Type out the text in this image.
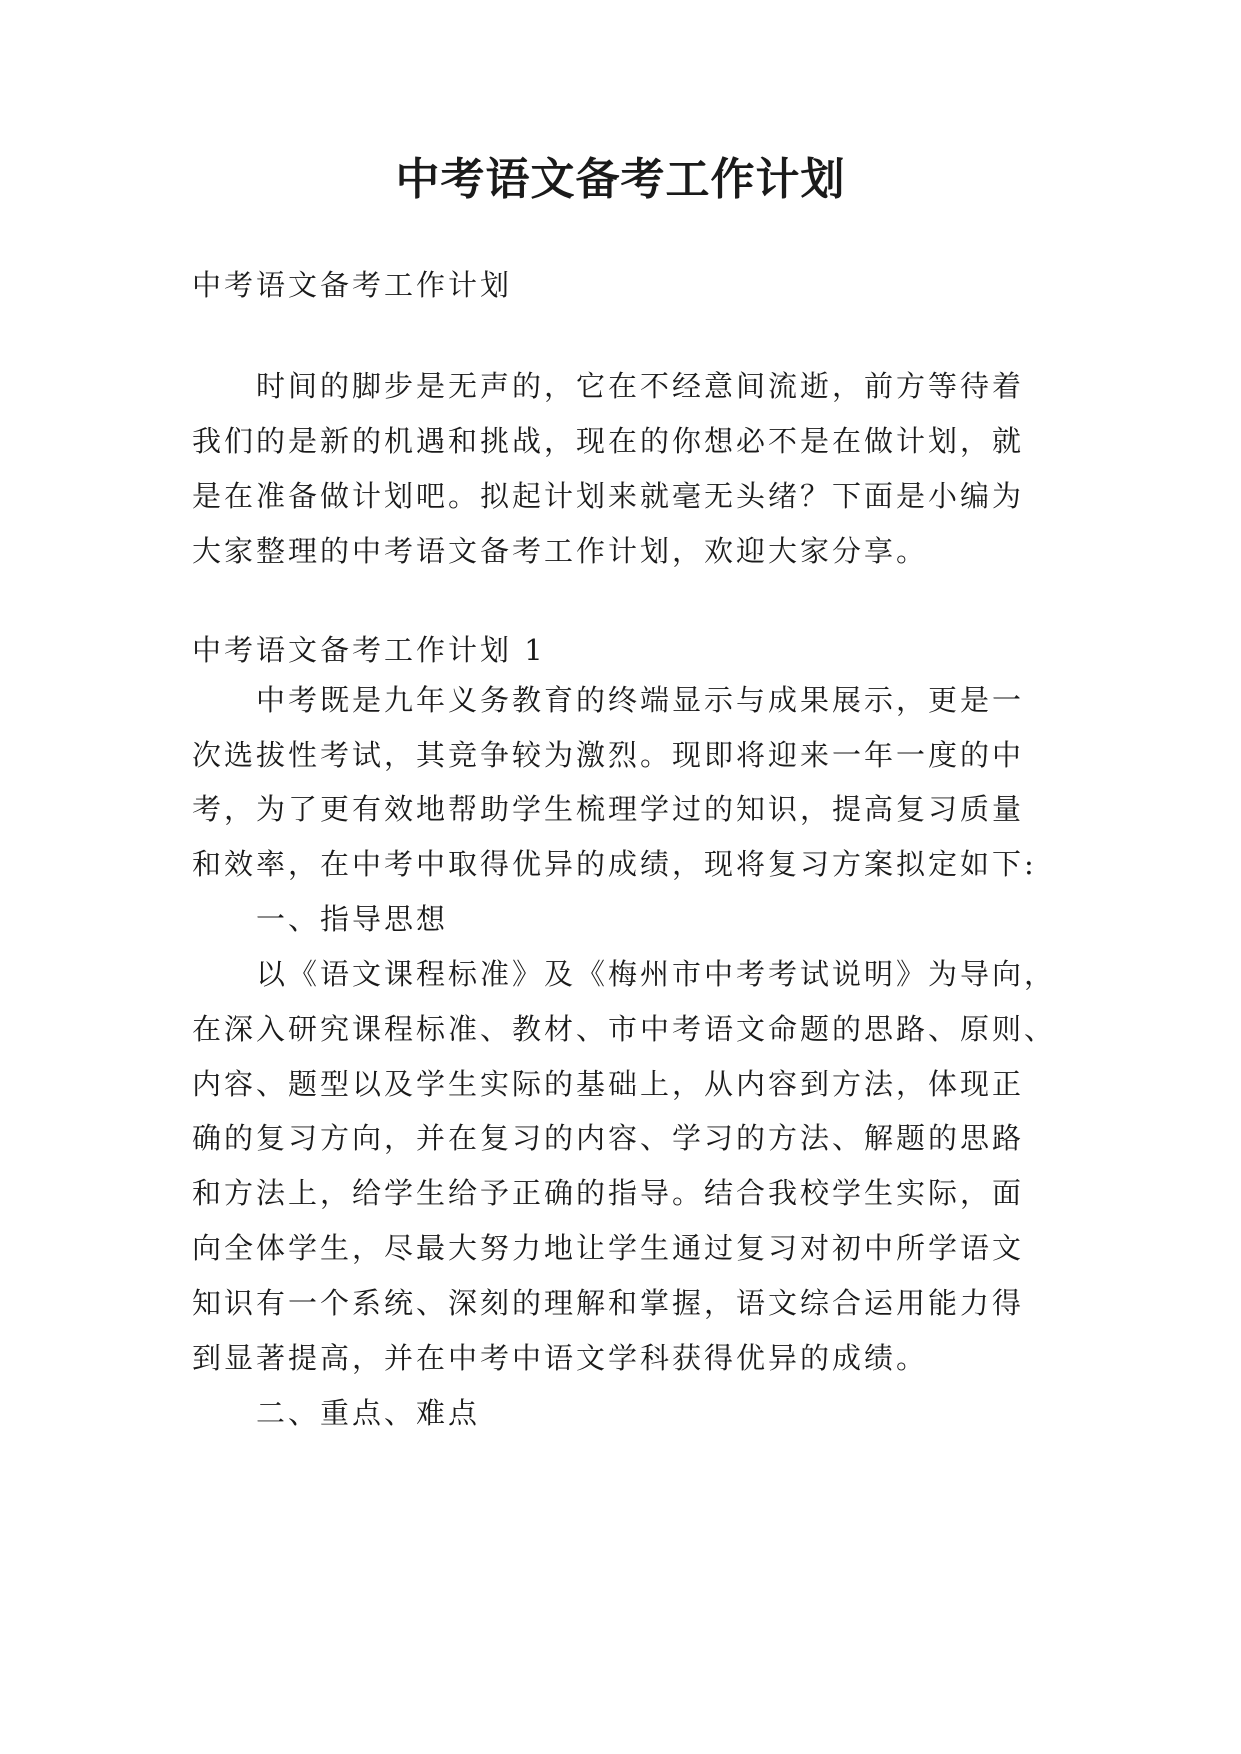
中考语文备考工作计划
中考语文备考工作计划
时间的脚步是无声的，它在不经意间流逝，前方等待着
我们的是新的机遇和挑战，现在的你想必不是在做计划，就
是在准备做计划吧。拟起计划来就毫无头绪？下面是小编为
大家整理的中考语文备考工作计划，欢迎大家分享。
中考语文备考工作计划 1
中考既是九年义务教育的终端显示与成果展示，更是一
次选拔性考试，其竞争较为激烈。现即将迎来一年一度的中
考，为了更有效地帮助学生梳理学过的知识，提高复习质量
和效率，在中考中取得优异的成绩，现将复习方案拟定如下:
一、指导思想
以《语文课程标准》及《梅州市中考考试说明》为导向，
在深入研究课程标准、教材、市中考语文命题的思路、原则、
内容、题型以及学生实际的基础上，从内容到方法，体现正
确的复习方向，并在复习的内容、学习的方法、解题的思路
和方法上，给学生给予正确的指导。结合我校学生实际，面
向全体学生，尽最大努力地让学生通过复习对初中所学语文
知识有一个系统、深刻的理解和掌握，语文综合运用能力得
到显著提高，并在中考中语文学科获得优异的成绩。
二、重点、难点
